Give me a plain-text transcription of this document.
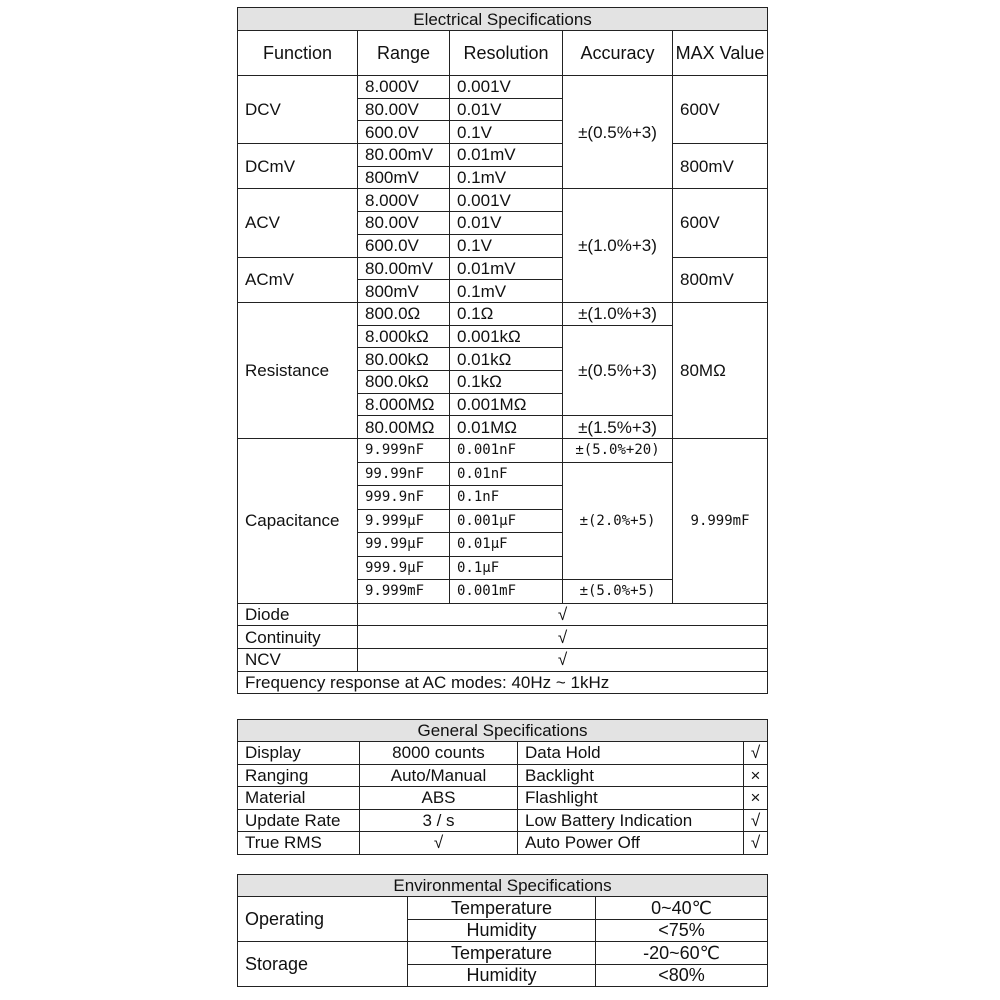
Electrical Specifications				
Function	Range	Resolution	Accuracy	MAX Value
DCV	8.000V	0.001V	±(0.5%+3)	600V
	80.00V	0.01V		
	600.0V	0.1V		
DCmV	80.00mV	0.01mV		800mV
	800mV	0.1mV		
ACV	8.000V	0.001V	±(1.0%+3)	600V
	80.00V	0.01V		
	600.0V	0.1V		
ACmV	80.00mV	0.01mV		800mV
	800mV	0.1mV		
Resistance	800.0Ω	0.1Ω	±(1.0%+3)	80MΩ
	8.000kΩ	0.001kΩ	±(0.5%+3)	
	80.00kΩ	0.01kΩ		
	800.0kΩ	0.1kΩ		
	8.000MΩ	0.001MΩ		
	80.00MΩ	0.01MΩ	±(1.5%+3)	
Capacitance	9.999nF	0.001nF	±(5.0%+20)	9.999mF
	99.99nF	0.01nF	±(2.0%+5)	
	999.9nF	0.1nF		
	9.999μF	0.001μF		
	99.99μF	0.01μF		
	999.9μF	0.1μF		
	9.999mF	0.001mF	±(5.0%+5)	
Diode	√			
Continuity	√			
NCV	√			
Frequency response at AC modes: 40Hz ~ 1kHz				
General Specifications			
Display	8000 counts	Data Hold	√
Ranging	Auto/Manual	Backlight	×
Material	ABS	Flashlight	×
Update Rate	3 / s	Low Battery Indication	√
True RMS	√	Auto Power Off	√
Environmental Specifications		
Operating	Temperature	0~40℃
	Humidity	<75%
Storage	Temperature	-20~60℃
	Humidity	<80%
